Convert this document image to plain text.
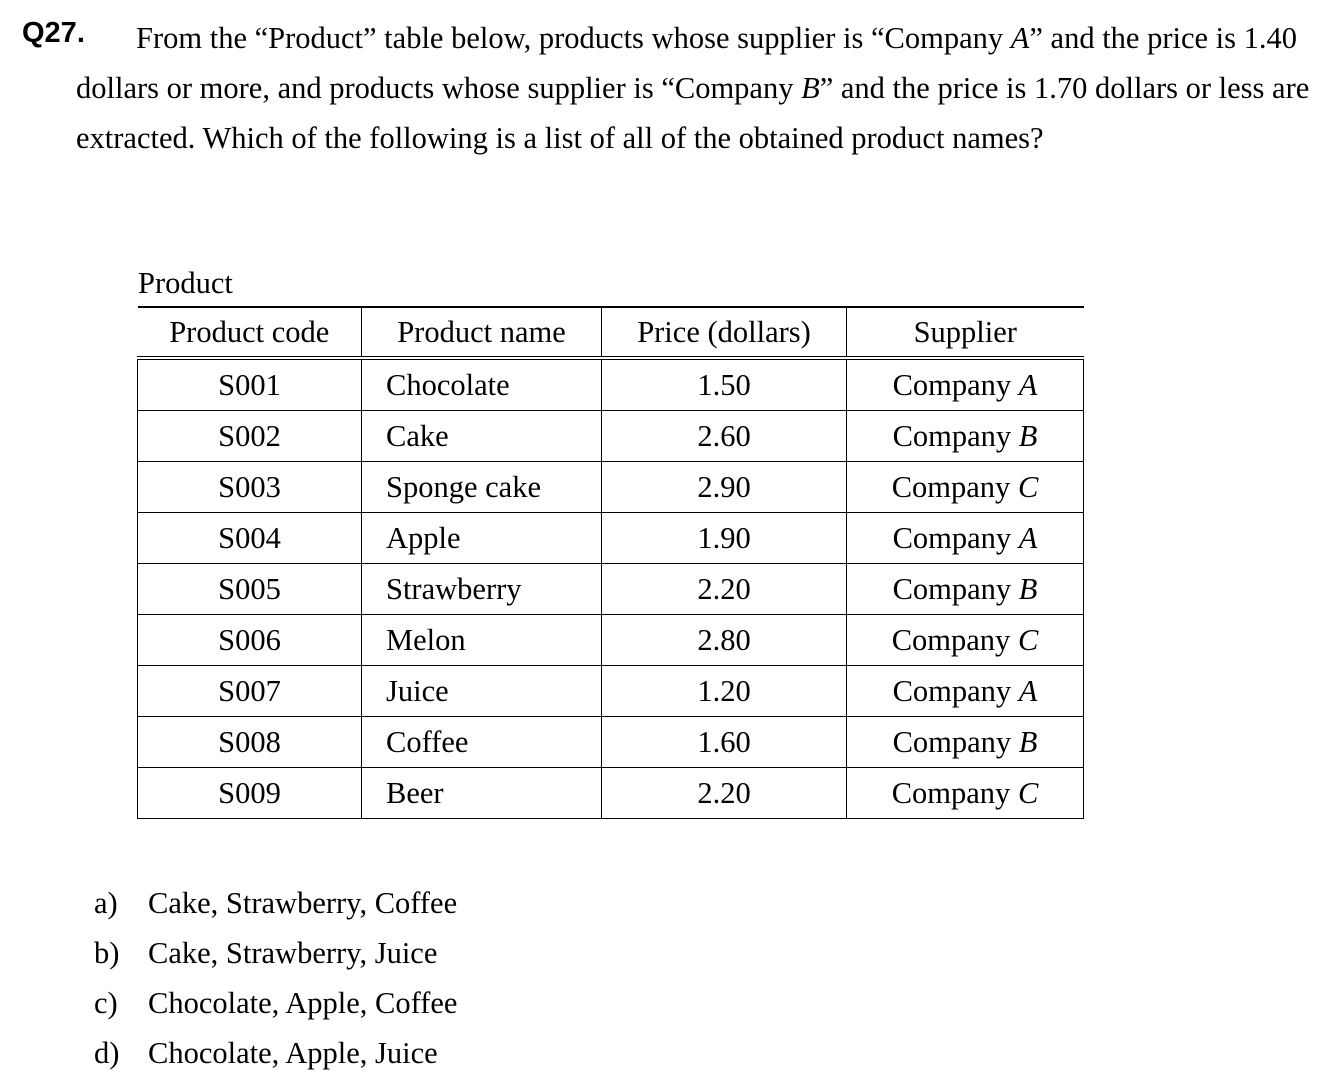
Q27.	From the “Product” table below, products whose supplier is “Company A” and the price is 1.40 dollars or more, and products whose supplier is “Company B” and the price is 1.70 dollars or less are extracted. Which of the following is a list of all of the obtained product names?
Product
Product code	Product name	Price (dollars)	Supplier
S001	Chocolate	1.50	Company A
S002	Cake	2.60	Company B
S003	Sponge cake	2.90	Company C
S004	Apple	1.90	Company A
S005	Strawberry	2.20	Company B
S006	Melon	2.80	Company C
S007	Juice	1.20	Company A
S008	Coffee	1.60	Company B
S009	Beer	2.20	Company C
a) Cake, Strawberry, Coffee
b) Cake, Strawberry, Juice
c) Chocolate, Apple, Coffee
d) Chocolate, Apple, Juice
